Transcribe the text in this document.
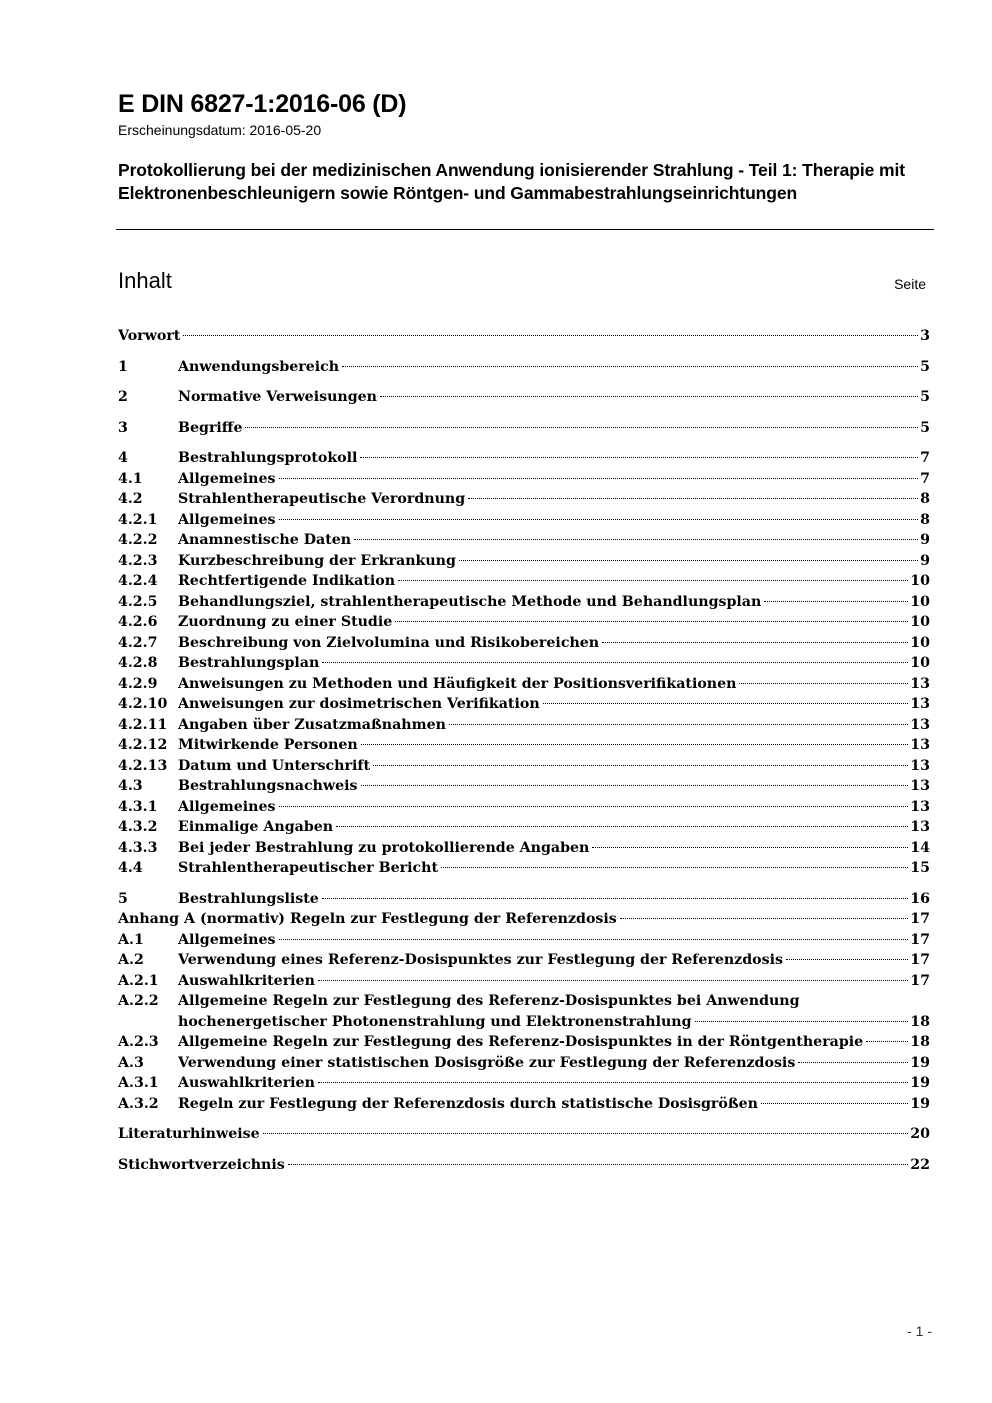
E DIN 6827-1:2016-06 (D)
Erscheinungsdatum: 2016-05-20
Protokollierung bei der medizinischen Anwendung ionisierender Strahlung - Teil 1: Therapie mit Elektronenbeschleunigern sowie Röntgen- und Gammabestrahlungseinrichtungen
Inhalt	Seite
Vorwort	3
1	Anwendungsbereich	5
2	Normative Verweisungen	5
3	Begriffe	5
4	Bestrahlungsprotokoll	7
4.1	Allgemeines	7
4.2	Strahlentherapeutische Verordnung	8
4.2.1	Allgemeines	8
4.2.2	Anamnestische Daten	9
4.2.3	Kurzbeschreibung der Erkrankung	9
4.2.4	Rechtfertigende Indikation	10
4.2.5	Behandlungsziel, strahlentherapeutische Methode und Behandlungsplan	10
4.2.6	Zuordnung zu einer Studie	10
4.2.7	Beschreibung von Zielvolumina und Risikobereichen	10
4.2.8	Bestrahlungsplan	10
4.2.9	Anweisungen zu Methoden und Häufigkeit der Positionsverifikationen	13
4.2.10 Anweisungen zur dosimetrischen Verifikation	13
4.2.11 Angaben über Zusatzmaßnahmen	13
4.2.12 Mitwirkende Personen	13
4.2.13 Datum und Unterschrift	13
4.3	Bestrahlungsnachweis	13
4.3.1	Allgemeines	13
4.3.2	Einmalige Angaben	13
4.3.3	Bei jeder Bestrahlung zu protokollierende Angaben	14
4.4	Strahlentherapeutischer Bericht	15
5	Bestrahlungsliste	16
Anhang A (normativ) Regeln zur Festlegung der Referenzdosis	17
A.1	Allgemeines	17
A.2	Verwendung eines Referenz-Dosispunktes zur Festlegung der Referenzdosis	17
A.2.1	Auswahlkriterien	17
A.2.2	Allgemeine Regeln zur Festlegung des Referenz-Dosispunktes bei Anwendung
hochenergetischer Photonenstrahlung und Elektronenstrahlung	18
A.2.3	Allgemeine Regeln zur Festlegung des Referenz-Dosispunktes in der Röntgentherapie	18
A.3	Verwendung einer statistischen Dosisgröße zur Festlegung der Referenzdosis	19
A.3.1	Auswahlkriterien	19
A.3.2	Regeln zur Festlegung der Referenzdosis durch statistische Dosisgrößen	19
Literaturhinweise	20
Stichwortverzeichnis	22
- 1 -
